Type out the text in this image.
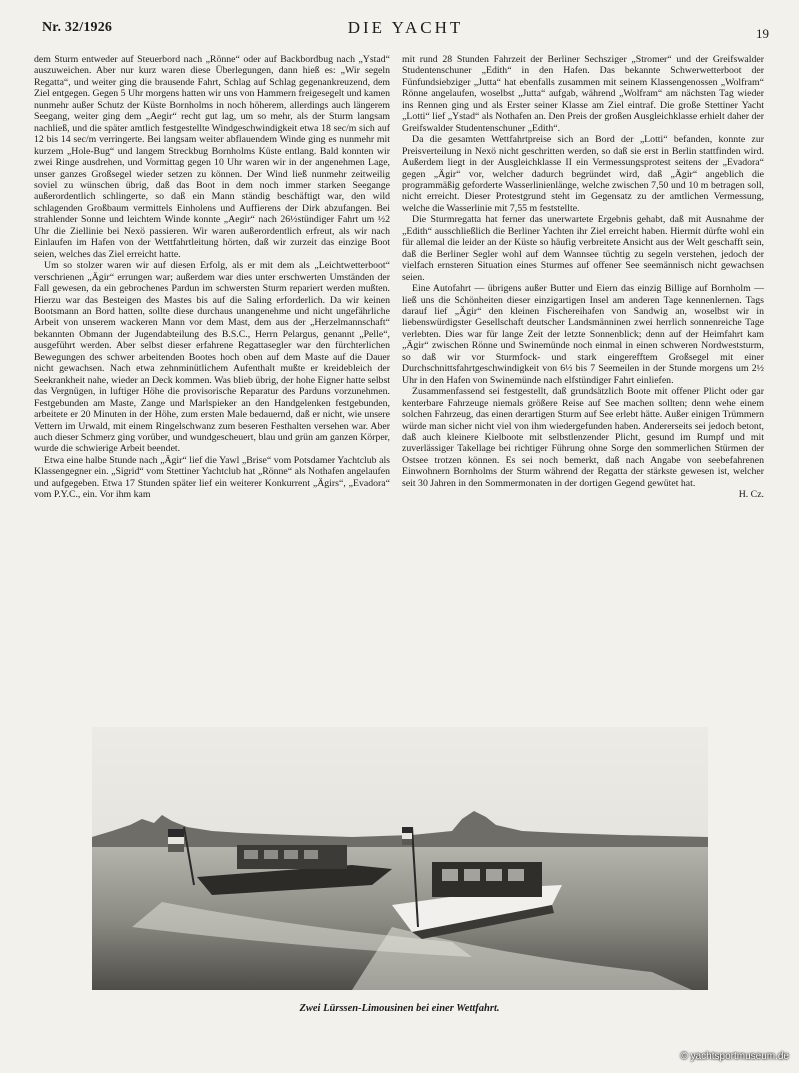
Nr. 32/1926	DIE YACHT	19

dem Sturm entweder auf Steuerbord nach „Rönne“ oder auf Backbordbug nach „Ystad“ auszuweichen. Aber nur kurz waren diese Überlegungen, dann hieß es: „Wir segeln Regatta“, und weiter ging die brausende Fahrt, Schlag auf Schlag gegenankreuzend, dem Ziel entgegen. Gegen 5 Uhr morgens hatten wir uns von Hammern freigesegelt und kamen nunmehr außer Schutz der Küste Bornholms in noch höherem, allerdings auch längerem Seegang, weiter ging dem „Aegir“ recht gut lag, um so mehr, als der Sturm langsam nachließ, und die später amtlich festgestellte Windgeschwindigkeit etwa 18 sec/m sich auf 12 bis 14 sec/m verringerte. Bei langsam weiter abflauendem Winde ging es nunmehr mit kurzem „Hole-Bug“ und langem Streckbug Bornholms Küste entlang. Bald konnten wir zwei Ringe ausdrehen, und Vormittag gegen 10 Uhr waren wir in der angenehmen Lage, unser ganzes Großsegel wieder setzen zu können. Der Wind ließ nunmehr zeitweilig soviel zu wünschen übrig, daß das Boot in dem noch immer starken Seegange außerordentlich schlingerte, so daß ein Mann ständig beschäftigt war, den wild schlagenden Großbaum vermittels Einholens und Auffierens der Dirk abzufangen. Bei strahlender Sonne und leichtem Winde konnte „Aegir“ nach 26½stündiger Fahrt um ½2 Uhr die Ziellinie bei Nexö passieren. Wir waren außerordentlich erfreut, als wir nach Einlaufen im Hafen von der Wettfahrtleitung hörten, daß wir zurzeit das einzige Boot seien, welches das Ziel erreicht hatte.

Um so stolzer waren wir auf diesen Erfolg, als er mit dem als „Leichtwetterboot“ verschrienen „Ägir“ errungen war; außerdem war dies unter erschwerten Umständen der Fall gewesen, da ein gebrochenes Pardun im schwersten Sturm repariert werden mußten. Hierzu war das Besteigen des Mastes bis auf die Saling erforderlich. Da wir keinen Bootsmann an Bord hatten, sollte diese durchaus unangenehme und nicht ungefährliche Arbeit von unserem wackeren Mann vor dem Mast, dem aus der „Herzelmannschaft“ bekannten Obmann der Jugendabteilung des B.S.C., Herrn Pelargus, genannt „Pelle“, ausgeführt werden. Aber selbst dieser erfahrene Regattasegler war den fürchterlichen Bewegungen des schwer arbeitenden Bootes hoch oben auf dem Maste auf die Dauer nicht gewachsen. Nach etwa zehnminütlichem Aufenthalt mußte er kreidebleich der Seekrankheit nahe, wieder an Deck kommen. Was blieb übrig, der hohe Eigner hatte selbst das Vergnügen, in luftiger Höhe die provisorische Reparatur des Parduns vorzunehmen. Festgebunden am Maste, Zange und Marlspieker an den Handgelenken festgebunden, arbeitete er 20 Minuten in der Höhe, zum ersten Male bedauernd, daß er nicht, wie unsere Vettern im Urwald, mit einem Ringelschwanz zum beseren Festhalten versehen war. Aber auch dieser Schmerz ging vorüber, und wundgescheuert, blau und grün am ganzen Körper, wurde die schwierige Arbeit beendet.

Etwa eine halbe Stunde nach „Ägir“ lief die Yawl „Brise“ vom Potsdamer Yachtclub als Klassengegner ein. „Sigrid“ vom Stettiner Yachtclub hat „Rönne“ als Nothafen angelaufen und aufgegeben. Etwa 17 Stunden später lief ein weiterer Konkurrent „Ägirs“, „Evadora“ vom P.Y.C., ein. Vor ihm kam

mit rund 28 Stunden Fahrzeit der Berliner Sechsziger „Stromer“ und der Greifswalder Studentenschuner „Edith“ in den Hafen. Das bekannte Schwerwetterboot der Fünfundsiebziger „Jutta“ hat ebenfalls zusammen mit seinem Klassengenossen „Wolfram“ Rönne angelaufen, woselbst „Jutta“ aufgab, während „Wolfram“ am nächsten Tag wieder ins Rennen ging und als Erster seiner Klasse am Ziel eintraf. Die große Stettiner Yacht „Lotti“ lief „Ystad“ als Nothafen an. Den Preis der großen Ausgleichklasse erhielt daher der Greifswalder Studentenschuner „Edith“.

Da die gesamten Wettfahrtpreise sich an Bord der „Lotti“ befanden, konnte zur Preisverteilung in Nexö nicht geschritten werden, so daß sie erst in Berlin stattfinden wird. Außerdem liegt in der Ausgleichklasse II ein Vermessungsprotest seitens der „Evadora“ gegen „Ägir“ vor, welcher dadurch begründet wird, daß „Ägir“ angeblich die programmäßig geforderte Wasserlinienlänge, welche zwischen 7,50 und 10 m betragen soll, nicht erreicht. Dieser Protestgrund steht im Gegensatz zu der amtlichen Vermessung, welche die Wasserlinie mit 7,55 m feststellte.

Die Sturmregatta hat ferner das unerwartete Ergebnis gehabt, daß mit Ausnahme der „Edith“ ausschließlich die Berliner Yachten ihr Ziel erreicht haben. Hiermit dürfte wohl ein für allemal die leider an der Küste so häufig verbreitete Ansicht aus der Welt geschafft sein, daß die Berliner Segler wohl auf dem Wannsee tüchtig zu segeln verstehen, jedoch der vielfach ernsteren Situation eines Sturmes auf offener See seemännisch nicht gewachsen seien.

Eine Autofahrt — übrigens außer Butter und Eiern das einzig Billige auf Bornholm — ließ uns die Schönheiten dieser einzigartigen Insel am anderen Tage kennenlernen. Tags darauf lief „Ägir“ den kleinen Fischereihafen von Sandwig an, woselbst wir in liebenswürdigster Gesellschaft deutscher Landsmänninen zwei herrlich sonnenreiche Tage verlebten. Dies war für lange Zeit der letzte Sonnenblick; denn auf der Heimfahrt kam „Ägir“ zwischen Rönne und Swinemünde noch einmal in einen schweren Nordweststurm, so daß wir vor Sturmfock- und stark eingerefftem Großsegel mit einer Durchschnittsfahrtgeschwindigkeit von 6½ bis 7 Seemeilen in der Stunde morgens um 2½ Uhr in den Hafen von Swinemünde nach elfstündiger Fahrt einliefen.

Zusammenfassend sei festgestellt, daß grundsätzlich Boote mit offener Plicht oder gar kenterbare Fahrzeuge niemals größere Reise auf See machen sollten; denn wehe einem solchen Fahrzeug, das einen derartigen Sturm auf See erlebt hätte. Außer einigen Trümmern würde man sicher nicht viel von ihm wiedergefunden haben. Andererseits sei jedoch betont, daß auch kleinere Kielboote mit selbstlenzender Plicht, gesund im Rumpf und mit zuverlässiger Takellage bei richtiger Führung ohne Sorge den sommerlichen Stürmen der Ostsee trotzen können. Es sei noch bemerkt, daß nach Angabe von seebefahrenen Einwohnern Bornholms der Sturm während der Regatta der stärkste gewesen ist, welcher seit 30 Jahren in den Sommermonaten in der dortigen Gegend gewütet hat.

H. Cz.
Zwei Lürssen-Limousinen bei einer Wettfahrt.
© yachtsportmuseum.de
